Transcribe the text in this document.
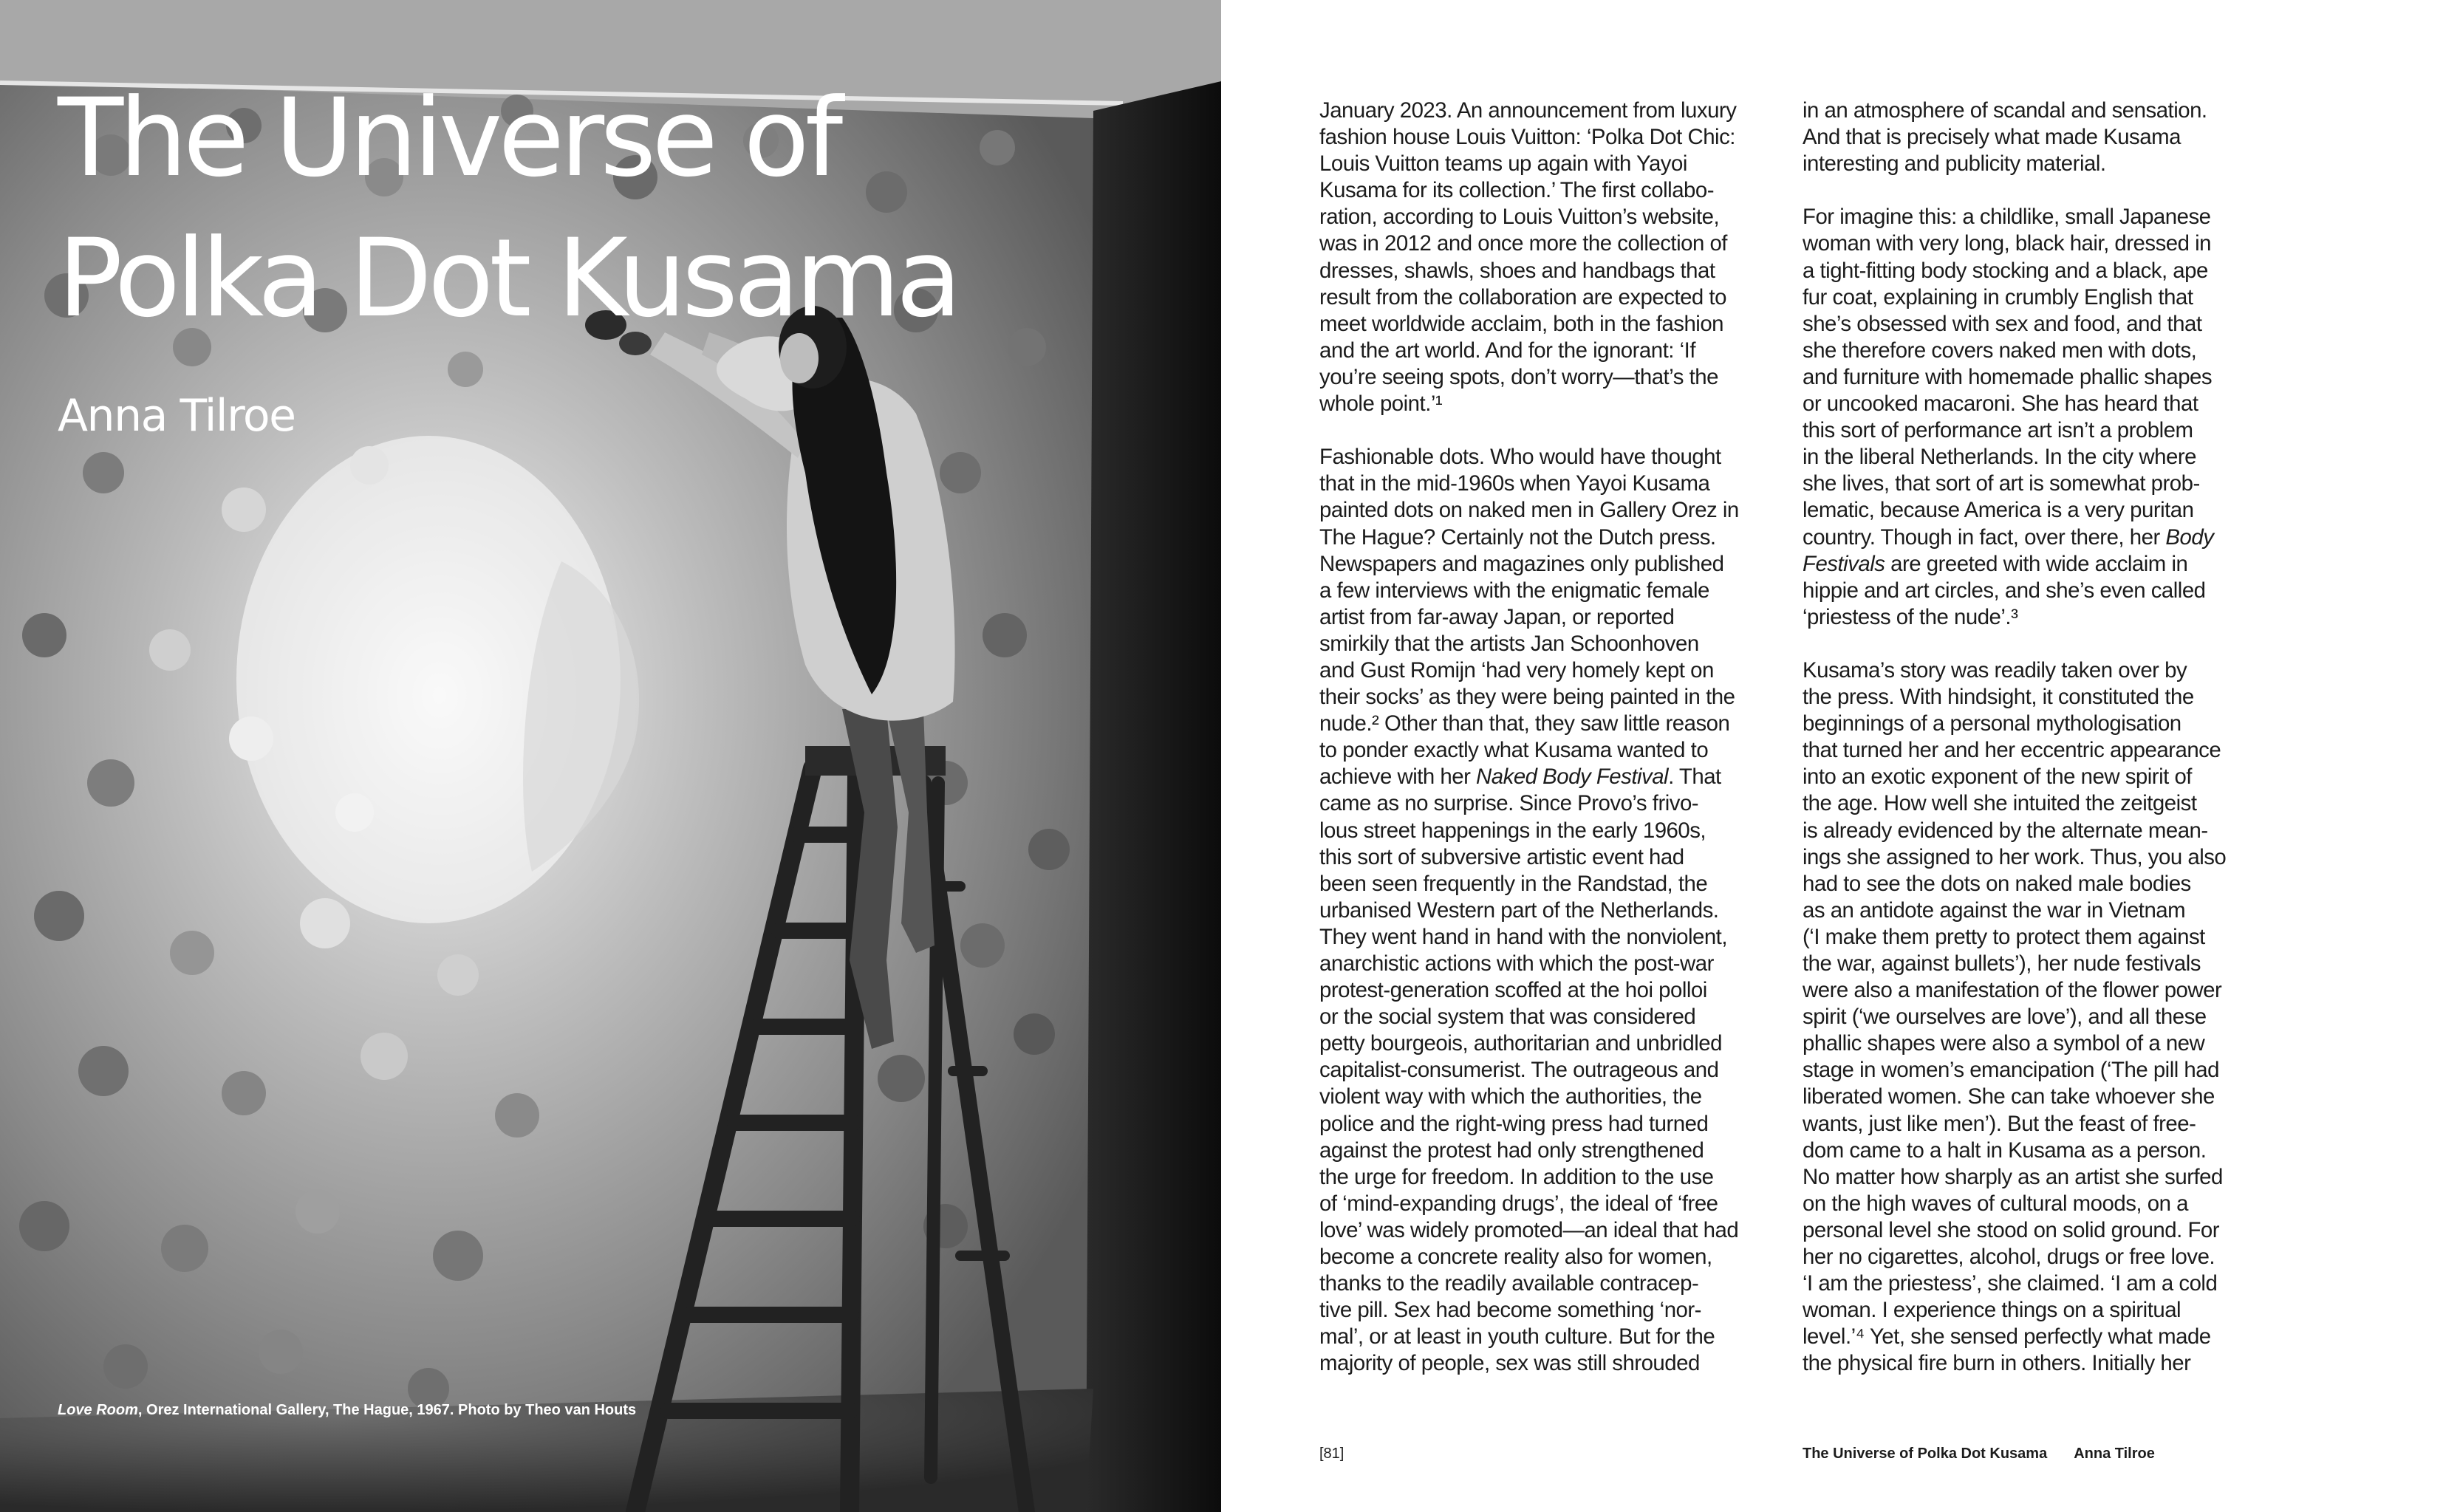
The Universe of
Polka Dot Kusama
Anna Tilroe
Love Room, Orez International Gallery, The Hague, 1967. Photo by Theo van Houts

January 2023. An announcement from luxury
fashion house Louis Vuitton: ‘Polka Dot Chic:
Louis Vuitton teams up again with Yayoi
Kusama for its collection.’ The first collabo-
ration, according to Louis Vuitton’s website,
was in 2012 and once more the collection of
dresses, shawls, shoes and handbags that
result from the collaboration are expected to
meet worldwide acclaim, both in the fashion
and the art world. And for the ignorant: ‘If
you’re seeing spots, don’t worry—that’s the
whole point.’¹

Fashionable dots. Who would have thought
that in the mid-1960s when Yayoi Kusama
painted dots on naked men in Gallery Orez in
The Hague? Certainly not the Dutch press.
Newspapers and magazines only published
a few interviews with the enigmatic female
artist from far-away Japan, or reported
smirkily that the artists Jan Schoonhoven
and Gust Romijn ‘had very homely kept on
their socks’ as they were being painted in the
nude.² Other than that, they saw little reason
to ponder exactly what Kusama wanted to
achieve with her Naked Body Festival. That
came as no surprise. Since Provo’s frivo-
lous street happenings in the early 1960s,
this sort of subversive artistic event had
been seen frequently in the Randstad, the
urbanised Western part of the Netherlands.
They went hand in hand with the nonviolent,
anarchistic actions with which the post-war
protest-generation scoffed at the hoi polloi
or the social system that was considered
petty bourgeois, authoritarian and unbridled
capitalist-consumerist. The outrageous and
violent way with which the authorities, the
police and the right-wing press had turned
against the protest had only strengthened
the urge for freedom. In addition to the use
of ‘mind-expanding drugs’, the ideal of ‘free
love’ was widely promoted—an ideal that had
become a concrete reality also for women,
thanks to the readily available contracep-
tive pill. Sex had become something ‘nor-
mal’, or at least in youth culture. But for the
majority of people, sex was still shrouded

in an atmosphere of scandal and sensation.
And that is precisely what made Kusama
interesting and publicity material.

For imagine this: a childlike, small Japanese
woman with very long, black hair, dressed in
a tight-fitting body stocking and a black, ape
fur coat, explaining in crumbly English that
she’s obsessed with sex and food, and that
she therefore covers naked men with dots,
and furniture with homemade phallic shapes
or uncooked macaroni. She has heard that
this sort of performance art isn’t a problem
in the liberal Netherlands. In the city where
she lives, that sort of art is somewhat prob-
lematic, because America is a very puritan
country. Though in fact, over there, her Body
Festivals are greeted with wide acclaim in
hippie and art circles, and she’s even called
‘priestess of the nude’.³

Kusama’s story was readily taken over by
the press. With hindsight, it constituted the
beginnings of a personal mythologisation
that turned her and her eccentric appearance
into an exotic exponent of the new spirit of
the age. How well she intuited the zeitgeist
is already evidenced by the alternate mean-
ings she assigned to her work. Thus, you also
had to see the dots on naked male bodies
as an antidote against the war in Vietnam
(‘I make them pretty to protect them against
the war, against bullets’), her nude festivals
were also a manifestation of the flower power
spirit (‘we ourselves are love’), and all these
phallic shapes were also a symbol of a new
stage in women’s emancipation (‘The pill had
liberated women. She can take whoever she
wants, just like men’). But the feast of free-
dom came to a halt in Kusama as a person.
No matter how sharply as an artist she surfed
on the high waves of cultural moods, on a
personal level she stood on solid ground. For
her no cigarettes, alcohol, drugs or free love.
‘I am the priestess’, she claimed. ‘I am a cold
woman. I experience things on a spiritual
level.’⁴ Yet, she sensed perfectly what made
the physical fire burn in others. Initially her

[81]	The Universe of Polka Dot Kusama Anna Tilroe
